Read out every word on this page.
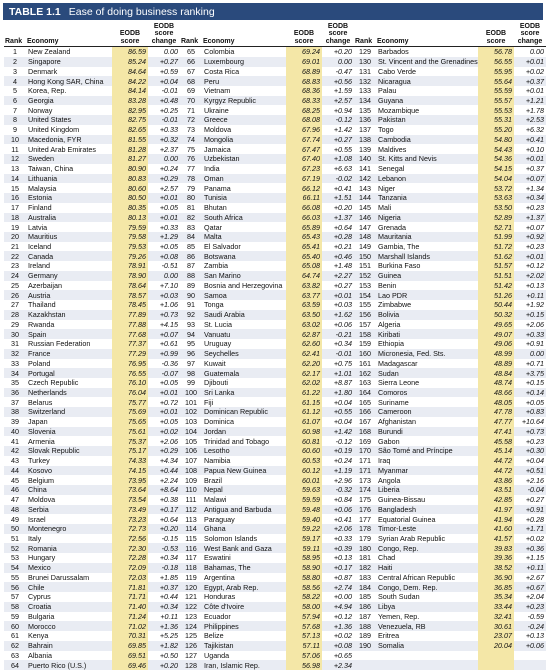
TABLE 1.1 Ease of doing business ranking
Rank	Economy	EODB score	EODB score change	Rank	Economy	EODB score	EODB score change	Rank	Economy	EODB score	EODB score change
1	New Zealand	86.59	0.00	65	Colombia	69.24	+0.20	129	Barbados	56.78	0.00
2	Singapore	85.24	+0.27	66	Luxembourg	69.01	0.00	130	St. Vincent and the Grenadines	56.55	+0.01
3	Denmark	84.64	+0.59	67	Costa Rica	68.89	-0.47	131	Cabo Verde	55.95	+0.02
4	Hong Kong SAR, China	84.22	+0.04	68	Peru	68.83	+0.56	132	Nicaragua	55.64	+0.37
5	Korea, Rep.	84.14	-0.01	69	Vietnam	68.36	+1.59	133	Palau	55.59	+0.01
6	Georgia	83.28	+0.48	70	Kyrgyz Republic	68.33	+2.57	134	Guyana	55.57	+1.21
7	Norway	82.95	+0.25	71	Ukraine	68.25	+0.94	135	Mozambique	55.53	+1.78
8	United States	82.75	-0.01	72	Greece	68.08	-0.12	136	Pakistan	55.31	+2.53
9	United Kingdom	82.65	+0.33	73	Moldova	67.96	+1.42	137	Togo	55.20	+6.32
10	Macedonia, FYR	81.55	+0.32	74	Mongolia	67.74	+0.27	138	Cambodia	54.80	+0.41
11	United Arab Emirates	81.28	+2.37	75	Jamaica	67.47	+0.55	139	Maldives	54.43	+0.10
12	Sweden	81.27	0.00	76	Uzbekistan	67.40	+1.08	140	St. Kitts and Nevis	54.36	+0.01
13	Taiwan, China	80.90	+0.24	77	India	67.23	+6.63	141	Senegal	54.15	+0.37
14	Lithuania	80.83	+0.29	78	Oman	67.19	-0.02	142	Lebanon	54.04	+0.07
15	Malaysia	80.60	+2.57	79	Panama	66.12	+0.41	143	Niger	53.72	+1.34
16	Estonia	80.50	+0.01	80	Tunisia	66.11	+1.51	144	Tanzania	53.63	+0.34
17	Finland	80.35	+0.05	81	Bhutan	66.08	+0.20	145	Mali	53.50	+0.23
18	Australia	80.13	+0.01	82	South Africa	66.03	+1.37	146	Nigeria	52.89	+1.37
19	Latvia	79.59	+0.33	83	Qatar	65.89	+0.64	147	Grenada	52.71	+0.07
20	Mauritius	79.58	+1.29	84	Malta	65.43	+0.28	148	Mauritania	51.99	+0.92
21	Iceland	79.53	+0.05	85	El Salvador	65.41	+0.21	149	Gambia, The	51.72	+0.23
22	Canada	79.26	+0.08	86	Botswana	65.40	+0.46	150	Marshall Islands	51.62	+0.01
23	Ireland	78.91	-0.51	87	Zambia	65.08	+1.48	151	Burkina Faso	51.57	+0.12
24	Germany	78.90	0.00	88	San Marino	64.74	+2.27	152	Guinea	51.51	+2.02
25	Azerbaijan	78.64	+7.10	89	Bosnia and Herzegovina	63.82	+0.27	153	Benin	51.42	+0.13
26	Austria	78.57	+0.03	90	Samoa	63.77	+0.01	154	Lao PDR	51.26	+0.11
27	Thailand	78.45	+1.06	91	Tonga	63.59	+0.03	155	Zimbabwe	50.44	+1.92
28	Kazakhstan	77.89	+0.73	92	Saudi Arabia	63.50	+1.62	156	Bolivia	50.32	+0.15
29	Rwanda	77.88	+4.15	93	St. Lucia	63.02	+0.06	157	Algeria	49.65	+2.06
30	Spain	77.68	+0.07	94	Vanuatu	62.87	-0.21	158	Kiribati	49.07	+0.33
31	Russian Federation	77.37	+0.61	95	Uruguay	62.60	+0.34	159	Ethiopia	49.06	+0.91
32	France	77.29	+0.99	96	Seychelles	62.41	-0.01	160	Micronesia, Fed. Sts.	48.99	0.00
33	Poland	76.95	-0.36	97	Kuwait	62.20	+0.75	161	Madagascar	48.89	+0.71
34	Portugal	76.55	-0.07	98	Guatemala	62.17	+1.01	162	Sudan	48.84	+3.75
35	Czech Republic	76.10	+0.05	99	Djibouti	62.02	+8.87	163	Sierra Leone	48.74	+0.15
36	Netherlands	76.04	+0.01	100	Sri Lanka	61.22	+1.80	164	Comoros	48.66	+0.14
37	Belarus	75.77	+0.72	101	Fiji	61.15	+0.04	165	Suriname	48.05	+0.05
38	Switzerland	75.69	+0.01	102	Dominican Republic	61.12	+0.55	166	Cameroon	47.78	+0.83
39	Japan	75.65	+0.05	103	Dominica	61.07	+0.04	167	Afghanistan	47.77	+10.64
40	Slovenia	75.61	+0.02	104	Jordan	60.98	+1.42	168	Burundi	47.41	+0.73
41	Armenia	75.37	+2.06	105	Trinidad and Tobago	60.81	-0.12	169	Gabon	45.58	+0.23
42	Slovak Republic	75.17	+0.29	106	Lesotho	60.60	+0.19	170	São Tomé and Príncipe	45.14	+0.30
43	Turkey	74.33	+4.34	107	Namibia	60.53	+0.24	171	Iraq	44.72	+0.04
44	Kosovo	74.15	+0.44	108	Papua New Guinea	60.12	+1.19	171	Myanmar	44.72	+0.51
45	Belgium	73.95	+2.24	109	Brazil	60.01	+2.96	173	Angola	43.86	+2.16
46	China	73.64	+8.64	110	Nepal	59.63	-0.32	174	Liberia	43.51	-0.04
47	Moldova	73.54	+0.38	111	Malawi	59.59	+0.84	175	Guinea-Bissau	42.85	+0.27
48	Serbia	73.49	+0.17	112	Antigua and Barbuda	59.48	+0.06	176	Bangladesh	41.97	+0.91
49	Israel	73.23	+0.64	113	Paraguay	59.40	+0.41	177	Equatorial Guinea	41.94	+0.28
50	Montenegro	72.73	+0.20	114	Ghana	59.22	+2.06	178	Timor-Leste	41.60	+1.71
51	Italy	72.56	-0.15	115	Solomon Islands	59.17	+0.33	179	Syrian Arab Republic	41.57	+0.02
52	Romania	72.30	-0.53	116	West Bank and Gaza	59.11	+0.39	180	Congo, Rep.	39.83	+0.36
53	Hungary	72.28	+0.34	117	Eswatini	58.95	+0.13	181	Chad	39.36	+1.15
54	Mexico	72.09	-0.18	118	Bahamas, The	58.90	+0.17	182	Haiti	38.52	+0.11
55	Brunei Darussalam	72.03	+1.85	119	Argentina	58.80	+0.87	183	Central African Republic	36.90	+2.67
56	Chile	71.81	+0.37	120	Egypt, Arab Rep.	58.56	+2.74	184	Congo, Dem. Rep.	36.85	+0.67
57	Cyprus	71.71	+0.44	121	Honduras	58.22	+0.00	185	South Sudan	35.34	+2.04
58	Croatia	71.40	+0.34	122	Côte d'Ivoire	58.00	+4.94	186	Libya	33.44	+0.23
59	Bulgaria	71.24	+0.11	123	Ecuador	57.94	+0.12	187	Yemen, Rep.	32.41	-0.59
60	Morocco	71.02	+1.36	124	Philippines	57.68	+1.36	188	Venezuela, RB	30.61	-0.24
61	Kenya	70.31	+5.25	125	Belize	57.13	+0.02	189	Eritrea	23.07	+0.13
62	Bahrain	69.85	+1.82	126	Tajikistan	57.11	+0.08	190	Somalia	20.04	+0.06
63	Albania	69.51	+0.50	127	Uganda	57.06	+0.65				
64	Puerto Rico (U.S.)	69.46	+0.20	128	Iran, Islamic Rep.	56.98	+2.34				
